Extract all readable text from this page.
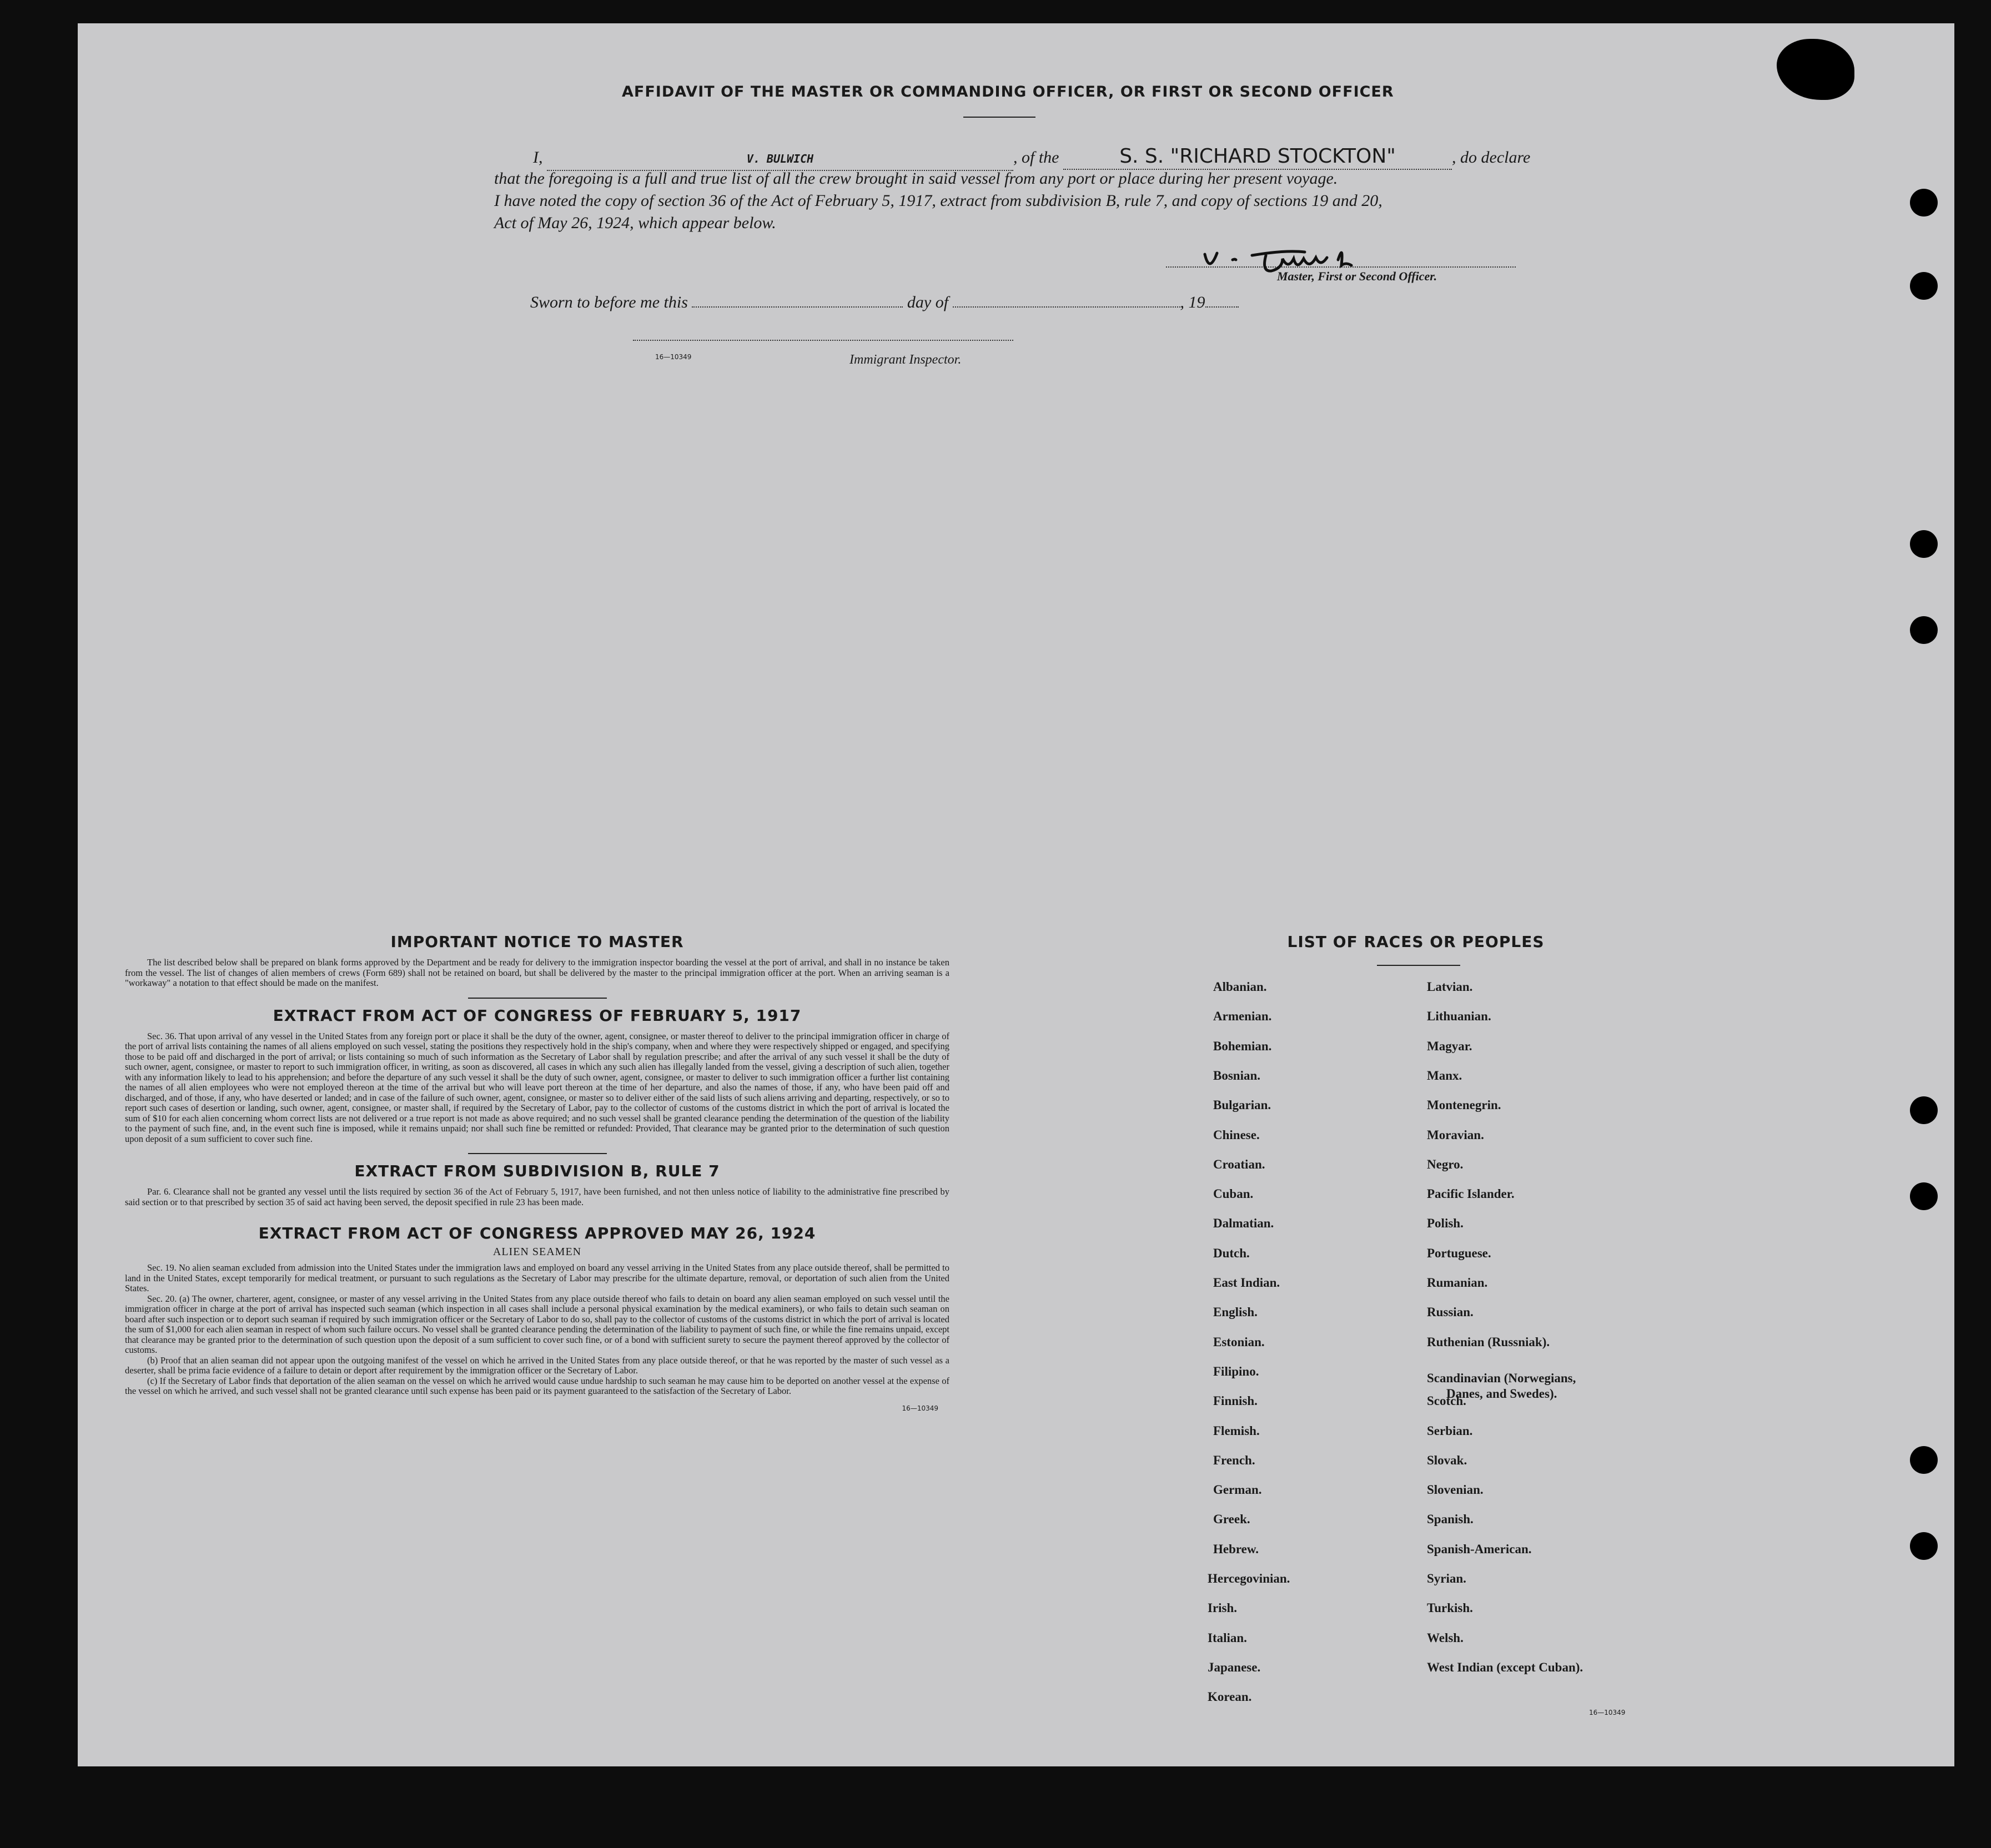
AFFIDAVIT OF THE MASTER OR COMMANDING OFFICER, OR FIRST OR SECOND OFFICER
I,	V. BULWICH	, of the	S. S. "RICHARD STOCKTON"	, do declare
that the foregoing is a full and true list of all the crew brought in said vessel from any port or place during her present voyage.
I have noted the copy of section 36 of the Act of February 5, 1917, extract from subdivision B, rule 7, and copy of sections 19 and 20,
Act of May 26, 1924, which appear below.
Master, First or Second Officer.
Sworn to before me this	day of	, 19
16—10349	Immigrant Inspector.
IMPORTANT NOTICE TO MASTER

The list described below shall be prepared on blank forms approved by the Department and be ready for delivery to the immigration inspector boarding the vessel at the port of arrival, and shall in no instance be taken from the vessel. The list of changes of alien members of crews (Form 689) shall not be retained on board, but shall be delivered by the master to the principal immigration officer at the port. When an arriving seaman is a "workaway" a notation to that effect should be made on the manifest.

EXTRACT FROM ACT OF CONGRESS OF FEBRUARY 5, 1917

Sec. 36. That upon arrival of any vessel in the United States from any foreign port or place it shall be the duty of the owner, agent, consignee, or master thereof to deliver to the principal immigration officer in charge of the port of arrival lists containing the names of all aliens employed on such vessel, stating the positions they respectively hold in the ship's company, when and where they were respectively shipped or engaged, and specifying those to be paid off and discharged in the port of arrival; or lists containing so much of such information as the Secretary of Labor shall by regulation prescribe; and after the arrival of any such vessel it shall be the duty of such owner, agent, consignee, or master to report to such immigration officer, in writing, as soon as discovered, all cases in which any such alien has illegally landed from the vessel, giving a description of such alien, together with any information likely to lead to his apprehension; and before the departure of any such vessel it shall be the duty of such owner, agent, consignee, or master to deliver to such immigration officer a further list containing the names of all alien employees who were not employed thereon at the time of the arrival but who will leave port thereon at the time of her departure, and also the names of those, if any, who have been paid off and discharged, and of those, if any, who have deserted or landed; and in case of the failure of such owner, agent, consignee, or master so to deliver either of the said lists of such aliens arriving and departing, respectively, or so to report such cases of desertion or landing, such owner, agent, consignee, or master shall, if required by the Secretary of Labor, pay to the collector of customs of the customs district in which the port of arrival is located the sum of $10 for each alien concerning whom correct lists are not delivered or a true report is not made as above required; and no such vessel shall be granted clearance pending the determination of the question of the liability to the payment of such fine, and, in the event such fine is imposed, while it remains unpaid; nor shall such fine be remitted or refunded: Provided, That clearance may be granted prior to the determination of such question upon deposit of a sum sufficient to cover such fine.

EXTRACT FROM SUBDIVISION B, RULE 7

Par. 6. Clearance shall not be granted any vessel until the lists required by section 36 of the Act of February 5, 1917, have been furnished, and not then unless notice of liability to the administrative fine prescribed by said section or to that prescribed by section 35 of said act having been served, the deposit specified in rule 23 has been made.

EXTRACT FROM ACT OF CONGRESS APPROVED MAY 26, 1924
ALIEN SEAMEN

Sec. 19. No alien seaman excluded from admission into the United States under the immigration laws and employed on board any vessel arriving in the United States from any place outside thereof, shall be permitted to land in the United States, except temporarily for medical treatment, or pursuant to such regulations as the Secretary of Labor may prescribe for the ultimate departure, removal, or deportation of such alien from the United States.

Sec. 20. (a) The owner, charterer, agent, consignee, or master of any vessel arriving in the United States from any place outside thereof who fails to detain on board any alien seaman employed on such vessel until the immigration officer in charge at the port of arrival has inspected such seaman (which inspection in all cases shall include a personal physical examination by the medical examiners), or who fails to detain such seaman on board after such inspection or to deport such seaman if required by such immigration officer or the Secretary of Labor to do so, shall pay to the collector of customs of the customs district in which the port of arrival is located the sum of $1,000 for each alien seaman in respect of whom such failure occurs. No vessel shall be granted clearance pending the determination of the liability to payment of such fine, or while the fine remains unpaid, except that clearance may be granted prior to the determination of such question upon the deposit of a sum sufficient to cover such fine, or of a bond with sufficient surety to secure the payment thereof approved by the collector of customs.

(b) Proof that an alien seaman did not appear upon the outgoing manifest of the vessel on which he arrived in the United States from any place outside thereof, or that he was reported by the master of such vessel as a deserter, shall be prima facie evidence of a failure to detain or deport after requirement by the immigration officer or the Secretary of Labor.

(c) If the Secretary of Labor finds that deportation of the alien seaman on the vessel on which he arrived would cause undue hardship to such seaman he may cause him to be deported on another vessel at the expense of the vessel on which he arrived, and such vessel shall not be granted clearance until such expense has been paid or its payment guaranteed to the satisfaction of the Secretary of Labor.

16—10349
LIST OF RACES OR PEOPLES
Albanian.
Armenian.
Bohemian.
Bosnian.
Bulgarian.
Chinese.
Croatian.
Cuban.
Dalmatian.
Dutch.
East Indian.
English.
Estonian.
Filipino.
Finnish.
Flemish.
French.
German.
Greek.
Hebrew.
Hercegovinian.
Irish.
Italian.
Japanese.
Korean.
Latvian.
Lithuanian.
Magyar.
Manx.
Montenegrin.
Moravian.
Negro.
Pacific Islander.
Polish.
Portuguese.
Rumanian.
Russian.
Ruthenian (Russniak).
Scandinavian (Norwegians,
Danes, and Swedes).
Scotch.
Serbian.
Slovak.
Slovenian.
Spanish.
Spanish-American.
Syrian.
Turkish.
Welsh.
West Indian (except Cuban).
16—10349
